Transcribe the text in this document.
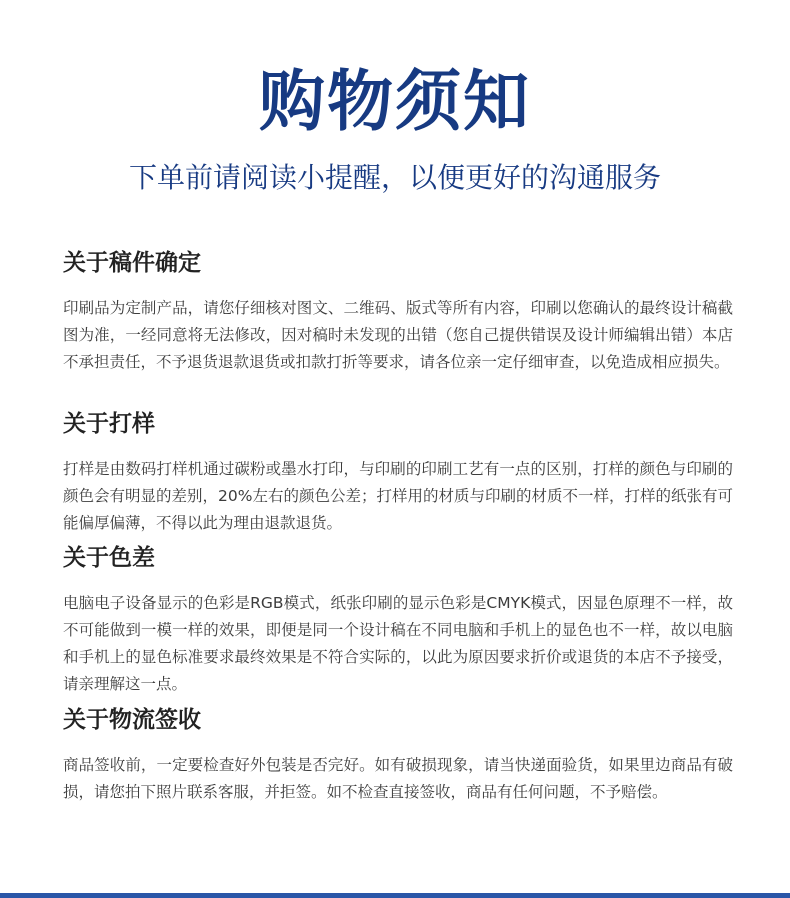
购物须知
下单前请阅读小提醒，以便更好的沟通服务
关于稿件确定

印刷品为定制产品，请您仔细核对图文、二维码、版式等所有内容，印刷以您确认的最终设计稿截图为准，一经同意将无法修改，因对稿时未发现的出错（您自己提供错误及设计师编辑出错）本店不承担责任，不予退货退款退货或扣款打折等要求，请各位亲一定仔细审查，以免造成相应损失。

关于打样

打样是由数码打样机通过碳粉或墨水打印，与印刷的印刷工艺有一点的区别，打样的颜色与印刷的颜色会有明显的差别，20%左右的颜色公差；打样用的材质与印刷的材质不一样，打样的纸张有可能偏厚偏薄，不得以此为理由退款退货。

关于色差

电脑电子设备显示的色彩是RGB模式，纸张印刷的显示色彩是CMYK模式，因显色原理不一样，故不可能做到一模一样的效果，即便是同一个设计稿在不同电脑和手机上的显色也不一样，故以电脑和手机上的显色标准要求最终效果是不符合实际的，以此为原因要求折价或退货的本店不予接受，请亲理解这一点。

关于物流签收

商品签收前，一定要检查好外包装是否完好。如有破损现象，请当快递面验货，如果里边商品有破损，请您拍下照片联系客服，并拒签。如不检查直接签收，商品有任何问题，不予赔偿。
